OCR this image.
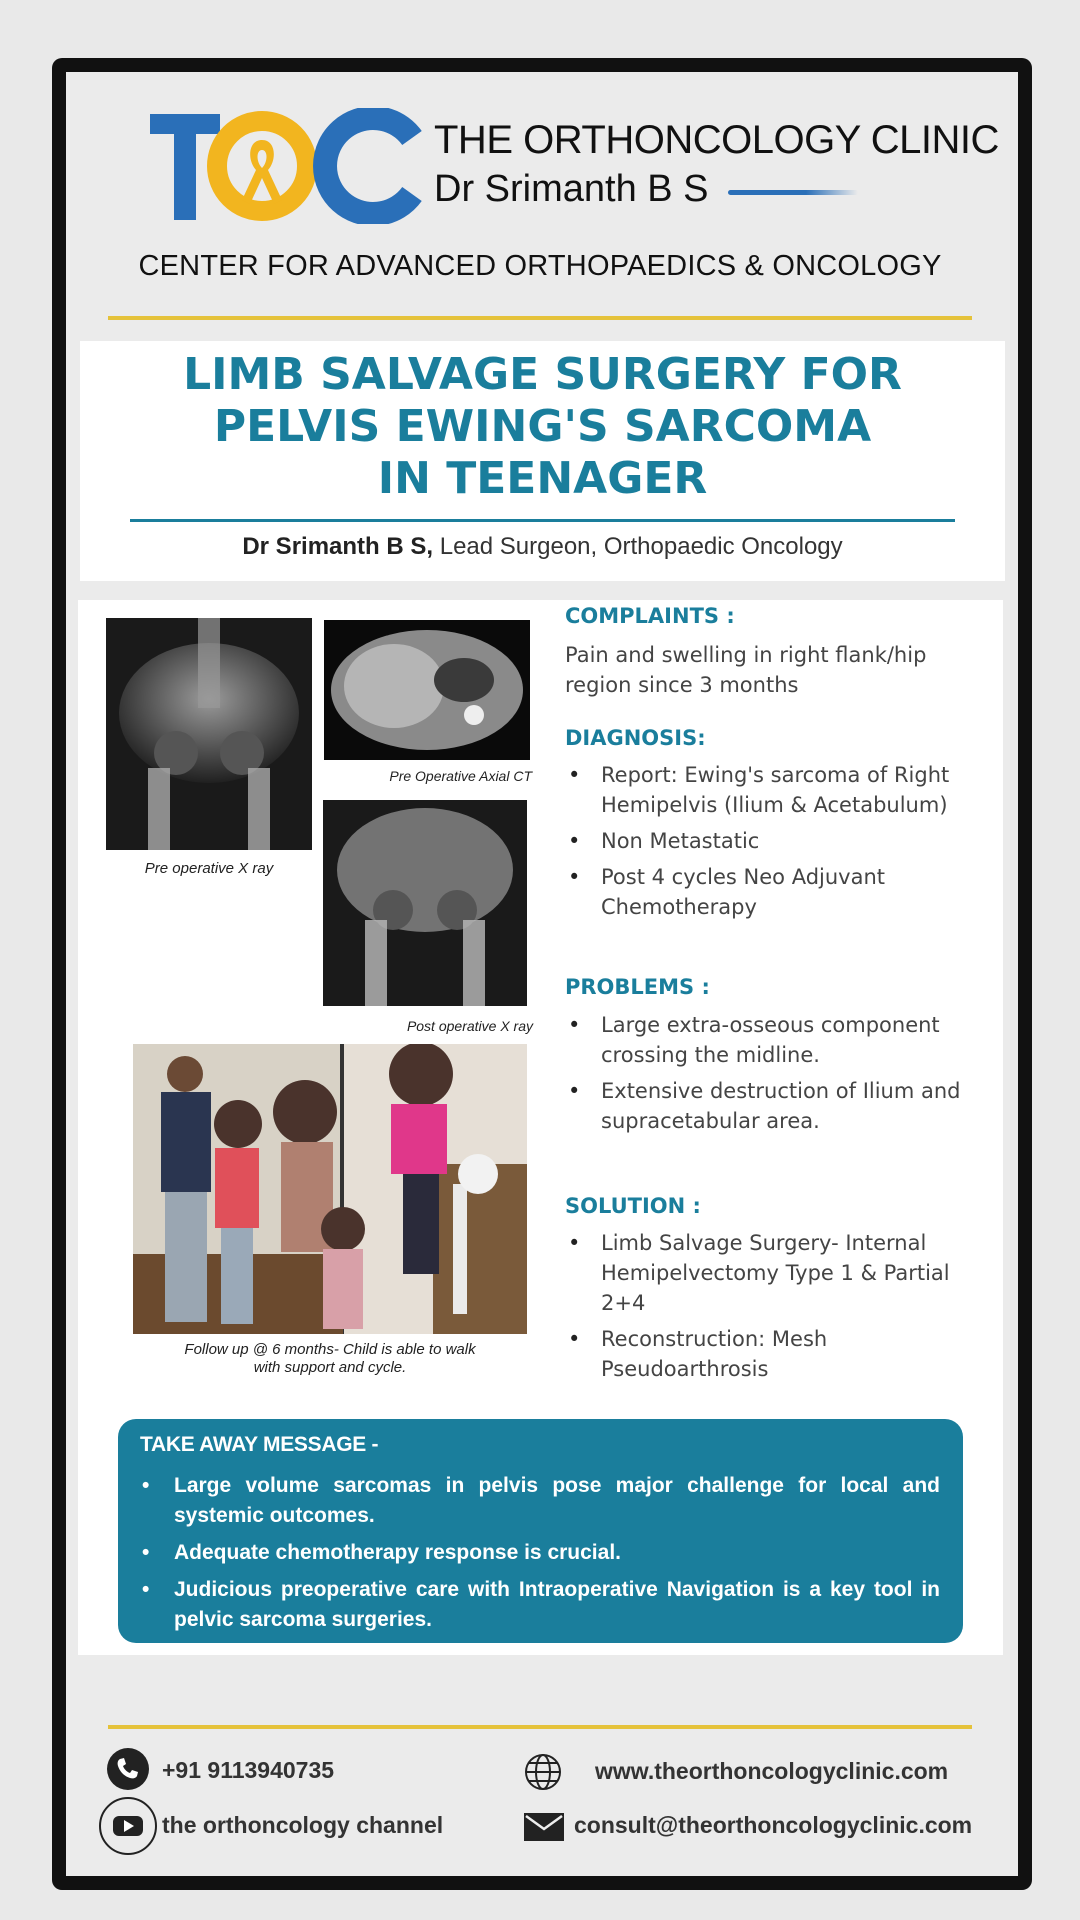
THE ORTHONCOLOGY CLINIC
Dr Srimanth B S
CENTER FOR ADVANCED ORTHOPAEDICS & ONCOLOGY
LIMB SALVAGE SURGERY FOR
PELVIS EWING'S SARCOMA
IN TEENAGER
Dr Srimanth B S, Lead Surgeon, Orthopaedic Oncology
Pre operative X ray
Pre Operative Axial CT
Post operative X ray
Follow up @ 6 months- Child is able to walk
with support and cycle.
COMPLAINTS :
Pain and swelling in right flank/hip region since 3 months
DIAGNOSIS:
• Report: Ewing's sarcoma of Right Hemipelvis (Ilium & Acetabulum)
• Non Metastatic
• Post 4 cycles Neo Adjuvant Chemotherapy
PROBLEMS :
• Large extra-osseous component crossing the midline.
• Extensive destruction of Ilium and supracetabular area.
SOLUTION :
• Limb Salvage Surgery- Internal Hemipelvectomy Type 1 & Partial 2+4
• Reconstruction: Mesh Pseudoarthrosis
TAKE AWAY MESSAGE -
• Large volume sarcomas in pelvis pose major challenge for local and systemic outcomes.
• Adequate chemotherapy response is crucial.
• Judicious preoperative care with Intraoperative Navigation is a key tool in pelvic sarcoma surgeries.
+91 9113940735	www.theorthoncologyclinic.com
the orthoncology channel	consult@theorthoncologyclinic.com
